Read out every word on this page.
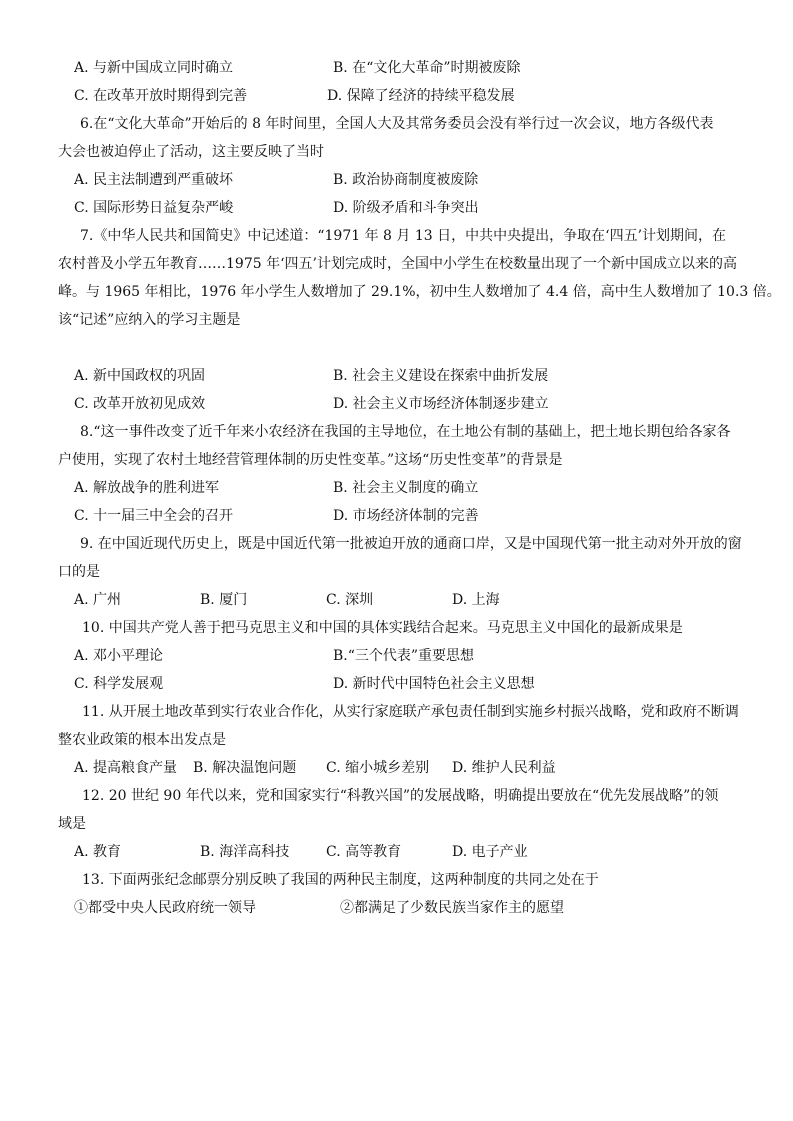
A. 与新中国成立同时确立	B. 在“文化大革命”时期被废除
C. 在改革开放时期得到完善	D. 保障了经济的持续平稳发展
6.在“文化大革命”开始后的 8 年时间里，全国人大及其常务委员会没有举行过一次会议，地方各级代表
大会也被迫停止了活动，这主要反映了当时
A. 民主法制遭到严重破坏	B. 政治协商制度被废除
C. 国际形势日益复杂严峻	D. 阶级矛盾和斗争突出
7.《中华人民共和国简史》中记述道：“1971 年 8 月 13 日，中共中央提出，争取在‘四五’计划期间，在
农村普及小学五年教育……1975 年‘四五’计划完成时，全国中小学生在校数量出现了一个新中国成立以来的高
峰。与 1965 年相比，1976 年小学生人数增加了 29.1%，初中生人数增加了 4.4 倍，高中生人数增加了 10.3 倍。
该“记述”应纳入的学习主题是
A. 新中国政权的巩固	B. 社会主义建设在探索中曲折发展
C. 改革开放初见成效	D. 社会主义市场经济体制逐步建立
8.“这一事件改变了近千年来小农经济在我国的主导地位，在土地公有制的基础上，把土地长期包给各家各
户使用，实现了农村土地经营管理体制的历史性变革。”这场“历史性变革”的背景是
A. 解放战争的胜利进军	B. 社会主义制度的确立
C. 十一届三中全会的召开	D. 市场经济体制的完善
9. 在中国近现代历史上，既是中国近代第一批被迫开放的通商口岸，又是中国现代第一批主动对外开放的窗
口的是
A. 广州	B. 厦门	C. 深圳	D. 上海
10. 中国共产党人善于把马克思主义和中国的具体实践结合起来。马克思主义中国化的最新成果是
A. 邓小平理论	B.“三个代表”重要思想
C. 科学发展观	D. 新时代中国特色社会主义思想
11. 从开展土地改革到实行农业合作化，从实行家庭联产承包责任制到实施乡村振兴战略，党和政府不断调
整农业政策的根本出发点是
A. 提高粮食产量 B. 解决温饱问题 C. 缩小城乡差别 D. 维护人民利益
12. 20 世纪 90 年代以来，党和国家实行“科教兴国”的发展战略，明确提出要放在“优先发展战略”的领
域是
A. 教育	B. 海洋高科技	C. 高等教育	D. 电子产业
13. 下面两张纪念邮票分别反映了我国的两种民主制度，这两种制度的共同之处在于
①都受中央人民政府统一领导	②都满足了少数民族当家作主的愿望
